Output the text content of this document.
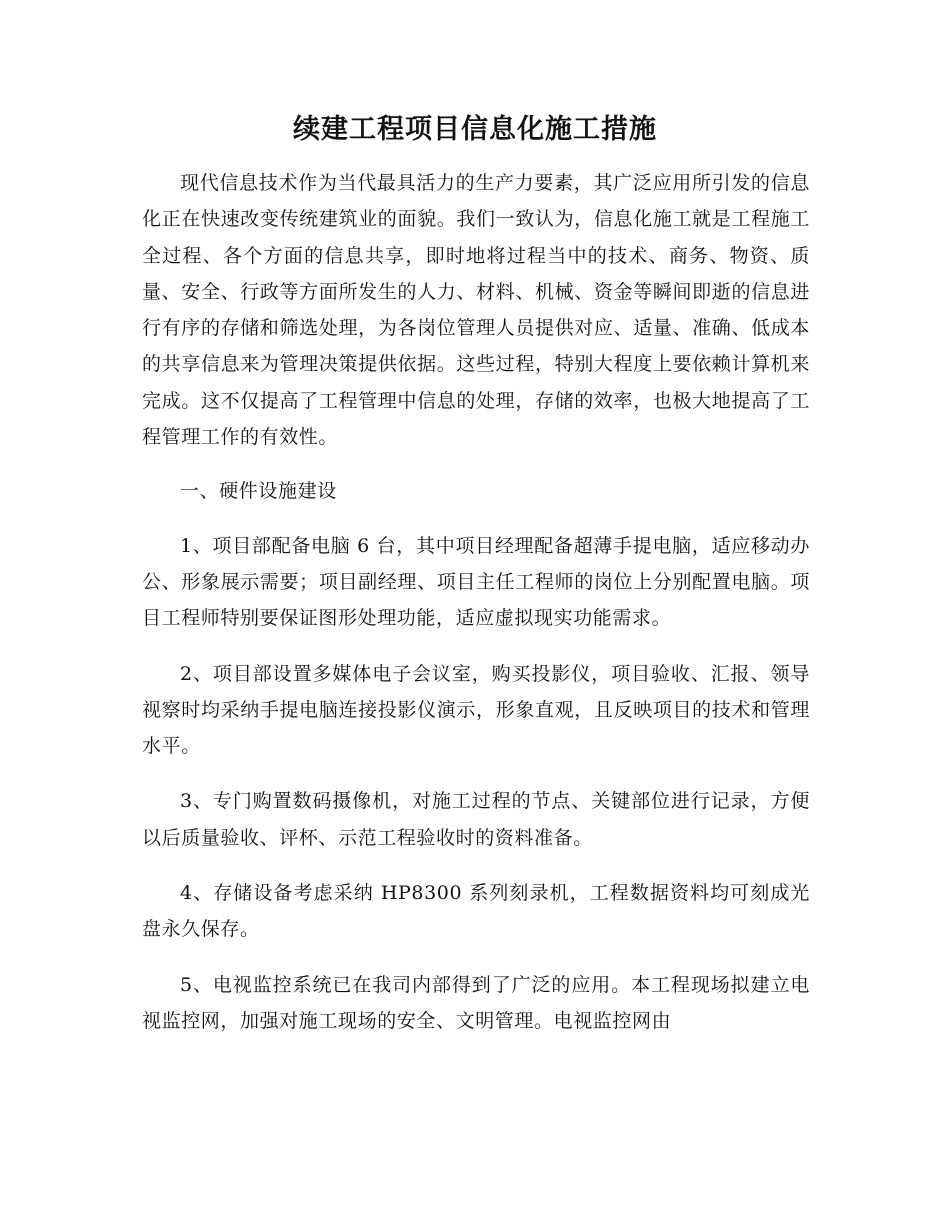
续建工程项目信息化施工措施

现代信息技术作为当代最具活力的生产力要素，其广泛应用所引发的信息化正在快速改变传统建筑业的面貌。我们一致认为，信息化施工就是工程施工全过程、各个方面的信息共享，即时地将过程当中的技术、商务、物资、质量、安全、行政等方面所发生的人力、材料、机械、资金等瞬间即逝的信息进行有序的存储和筛选处理，为各岗位管理人员提供对应、适量、准确、低成本的共享信息来为管理决策提供依据。这些过程，特别大程度上要依赖计算机来完成。这不仅提高了工程管理中信息的处理，存储的效率，也极大地提高了工程管理工作的有效性。

一、硬件设施建设

1、项目部配备电脑 6 台，其中项目经理配备超薄手提电脑，适应移动办公、形象展示需要；项目副经理、项目主任工程师的岗位上分别配置电脑。项目工程师特别要保证图形处理功能，适应虚拟现实功能需求。

2、项目部设置多媒体电子会议室，购买投影仪，项目验收、汇报、领导视察时均采纳手提电脑连接投影仪演示，形象直观，且反映项目的技术和管理水平。

3、专门购置数码摄像机，对施工过程的节点、关键部位进行记录，方便以后质量验收、评杯、示范工程验收时的资料准备。

4、存储设备考虑采纳 HP8300 系列刻录机，工程数据资料均可刻成光盘永久保存。

5、电视监控系统已在我司内部得到了广泛的应用。本工程现场拟建立电视监控网，加强对施工现场的安全、文明管理。电视监控网由
